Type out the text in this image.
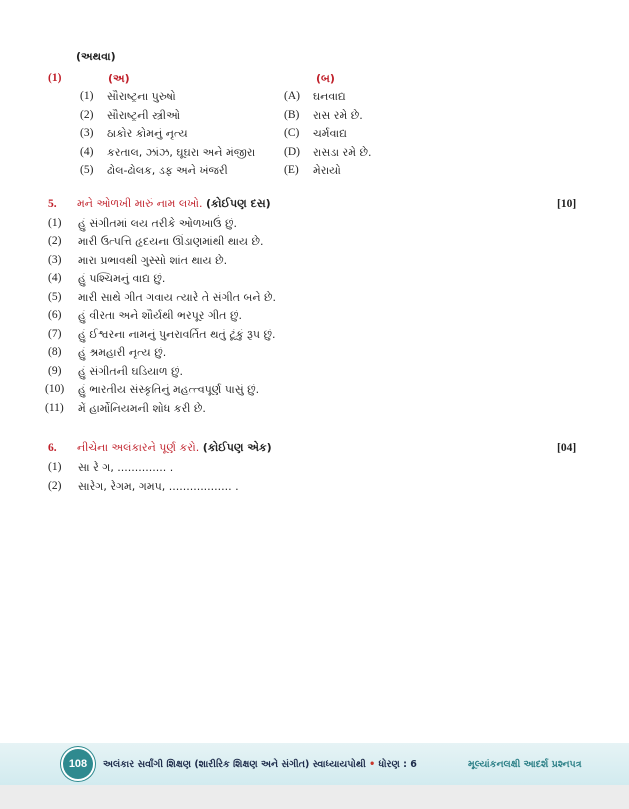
(અથવા)
(1)	(અ)	(બ)
(1) સૌરાષ્ટ્રના પુરુષો	(A) ઘનવાદ્ય
(2) સૌરાષ્ટ્રની સ્ત્રીઓ	(B) રાસ રમે છે.
(3) ઠાકોર કોમનું નૃત્ય	(C) ચર્મવાદ્ય
(4) કરતાલ, ઝાંઝ, ઘૂઘરા અને મંજીરા	(D) રાસડા રમે છે.
(5) ઢોલ-ઢોલક, ડફ અને ખંજરી	(E) મેરાયો
5. મને ઓળખી મારું નામ લખો. (કોઈપણ દસ)	[10]
(1) હું સંગીતમાં લય તરીકે ઓળખાઉં છું.
(2) મારી ઉત્પત્તિ હૃદયના ઊંડાણમાંથી થાય છે.
(3) મારા પ્રભાવથી ગુસ્સો શાંત થાય છે.
(4) હું પશ્ચિમનું વાદ્ય છું.
(5) મારી સાથે ગીત ગવાય ત્યારે તે સંગીત બને છે.
(6) હું વીરતા અને શૌર્યથી ભરપૂર ગીત છું.
(7) હું ઈશ્વરના નામનું પુનરાવર્તિત થતું ટૂંકું રૂપ છું.
(8) હું શ્રમહારી નૃત્ય છું.
(9) હું સંગીતની ઘડિયાળ છું.
(10) હું ભારતીય સંસ્કૃતિનું મહત્ત્વપૂર્ણ પાસું છું.
(11) મેં હાર્મોનિયમની શોધ કરી છે.
6. નીચેના અલંકારને પૂર્ણ કરો. (કોઈપણ એક)	[04]
(1) સા રે ગ, .............. .
(2) સારેગ, રેગમ, ગમપ, .................. .
108	અલંકાર સર્વાંગી શિક્ષણ (શારીરિક શિક્ષણ અને સંગીત) સ્વાધ્યાયપોથી • ધોરણ : 6	મૂલ્યાંકનલક્ષી આદર્શ પ્રશ્નપત્ર
